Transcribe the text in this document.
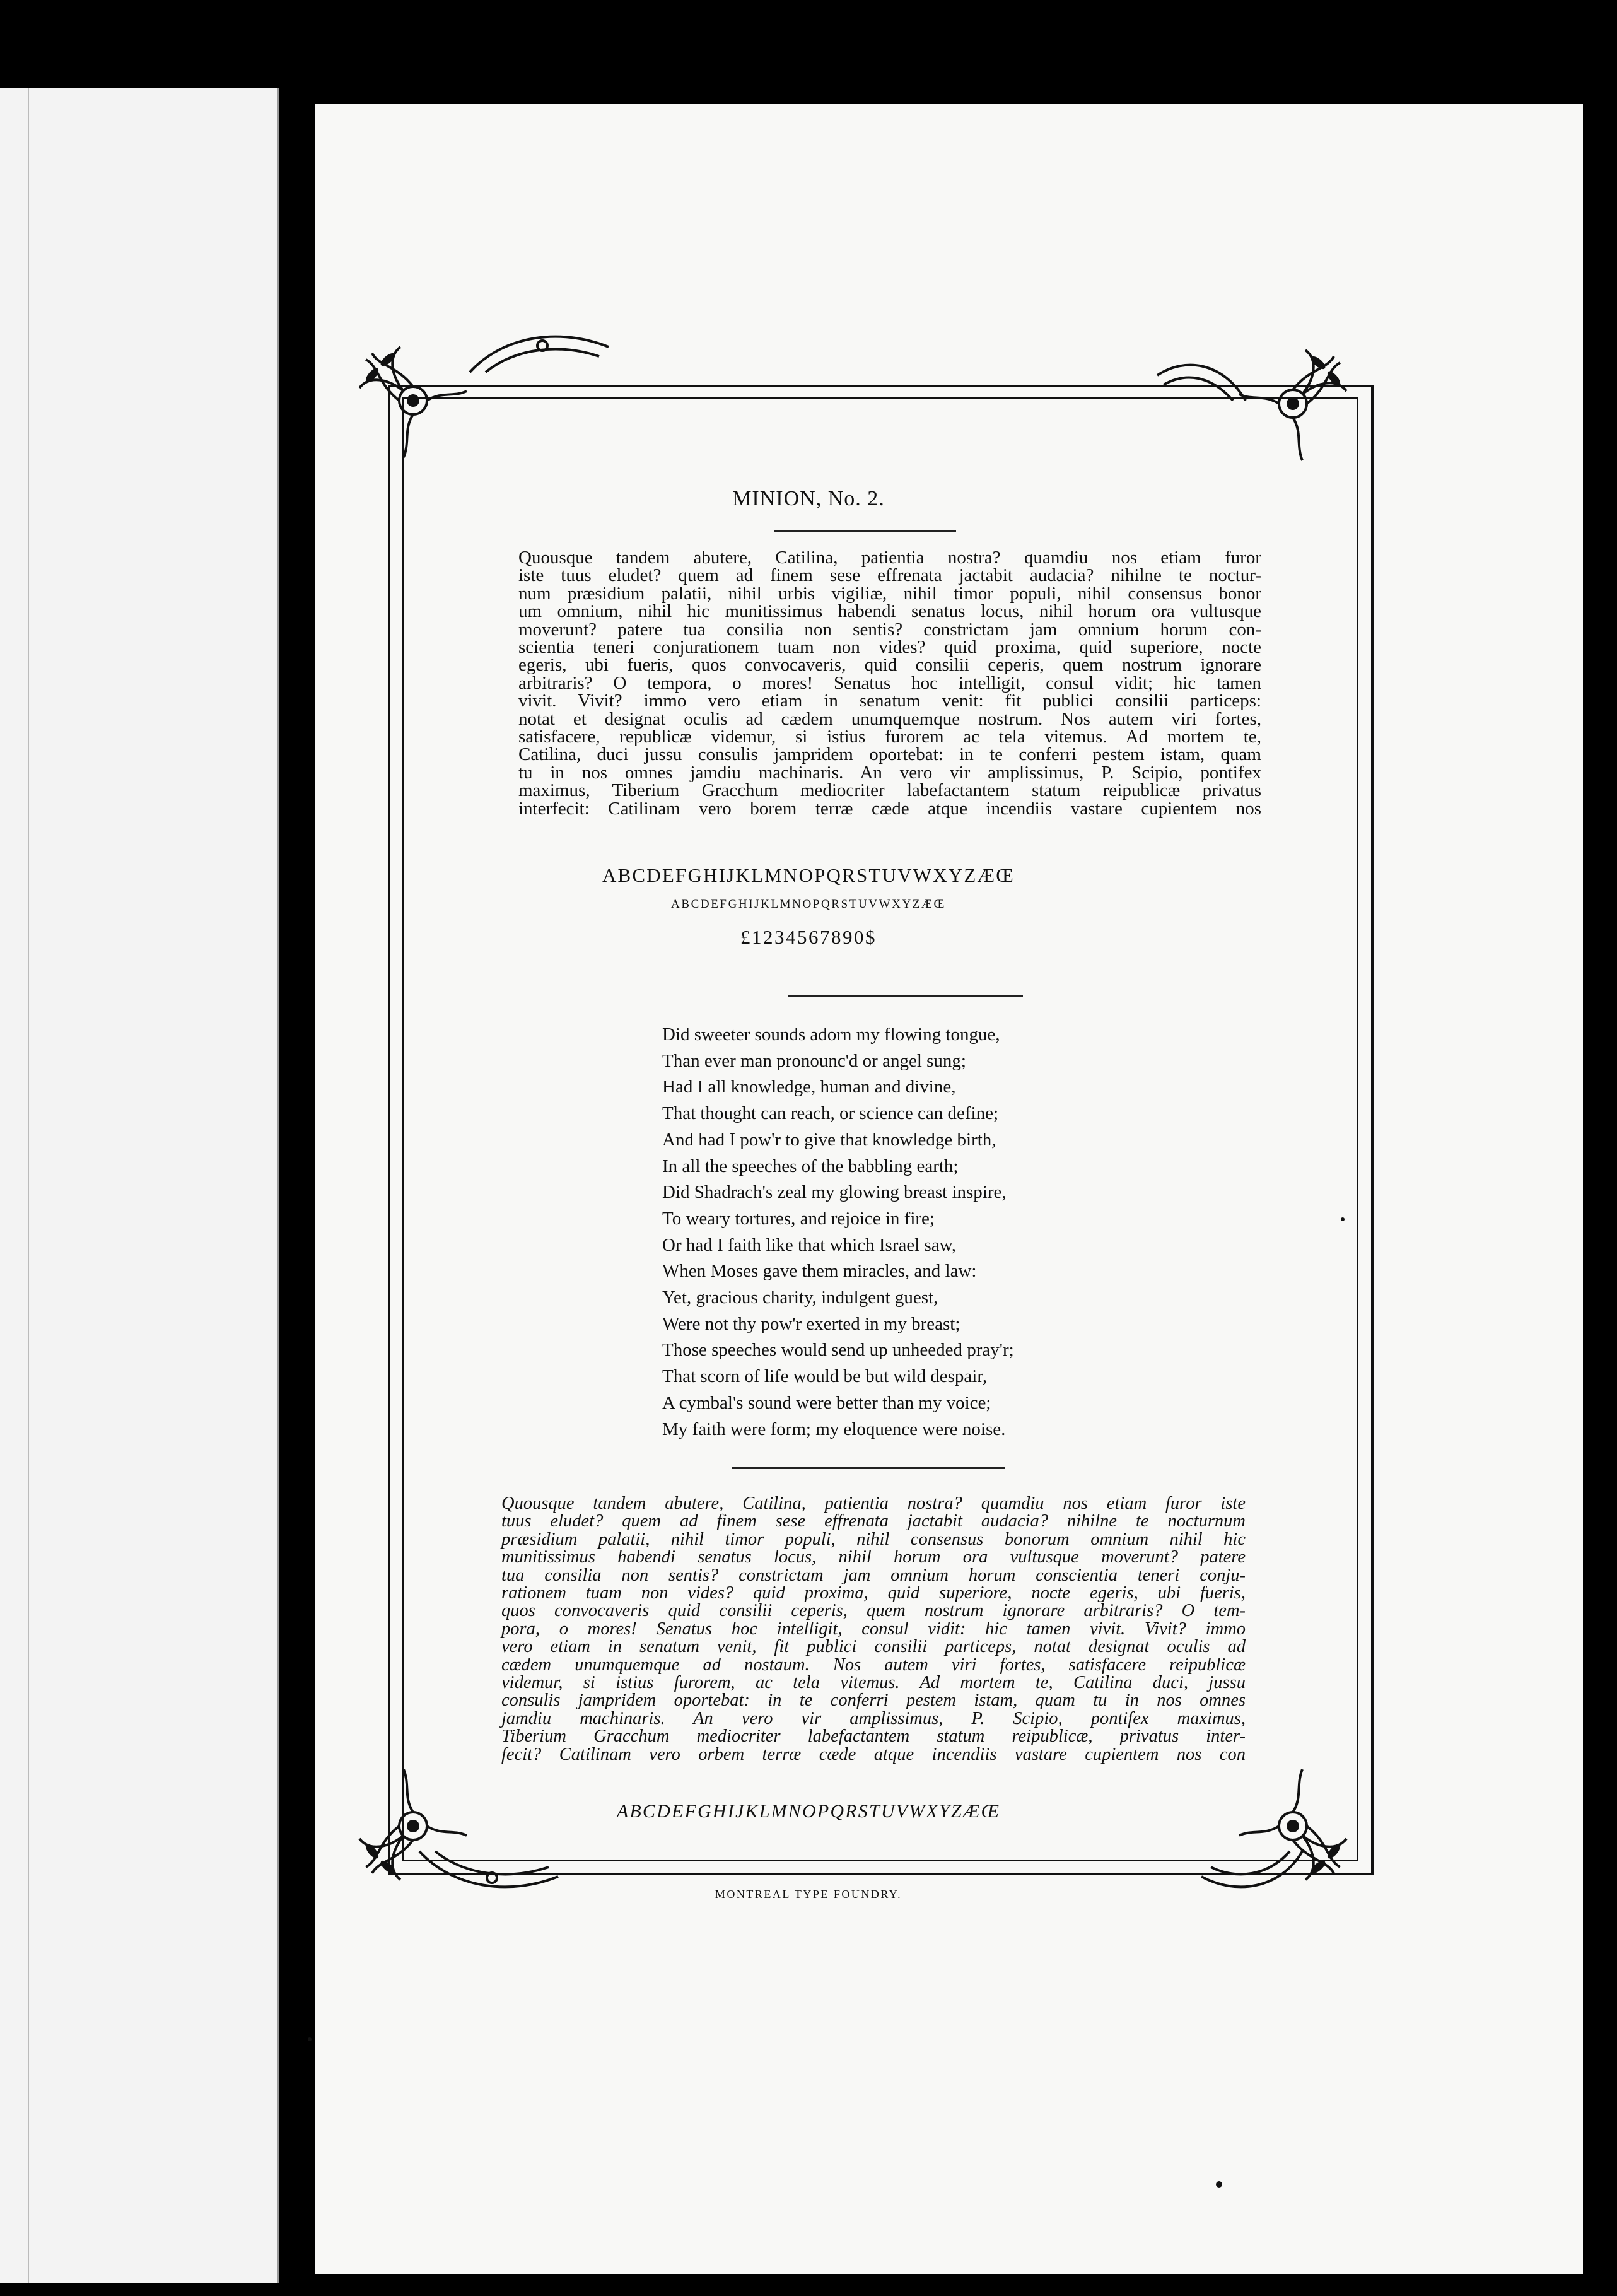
MINION, No. 2.

Quousque tandem abutere, Catilina, patientia nostra? quamdiu nos etiam furor
iste tuus eludet? quem ad finem sese effrenata jactabit audacia? nihilne te noctur-
num præsidium palatii, nihil urbis vigiliæ, nihil timor populi, nihil consensus bonor
um omnium, nihil hic munitissimus habendi senatus locus, nihil horum ora vultusque
moverunt? patere tua consilia non sentis? constrictam jam omnium horum con-
scientia teneri conjurationem tuam non vides? quid proxima, quid superiore, nocte
egeris, ubi fueris, quos convocaveris, quid consilii ceperis, quem nostrum ignorare
arbitraris? O tempora, o mores! Senatus hoc intelligit, consul vidit; hic tamen
vivit. Vivit? immo vero etiam in senatum venit: fit publici consilii particeps:
notat et designat oculis ad cædem unumquemque nostrum. Nos autem viri fortes,
satisfacere, republicæ videmur, si istius furorem ac tela vitemus. Ad mortem te,
Catilina, duci jussu consulis jampridem oportebat: in te conferri pestem istam, quam
tu in nos omnes jamdiu machinaris. An vero vir amplissimus, P. Scipio, pontifex
maximus, Tiberium Gracchum mediocriter labefactantem statum reipublicæ privatus
interfecit: Catilinam vero borem terræ cæde atque incendiis vastare cupientem nos

ABCDEFGHIJKLMNOPQRSTUVWXYZÆŒ
ABCDEFGHIJKLMNOPQRSTUVWXYZÆŒ
£1234567890$
Did sweeter sounds adorn my flowing tongue,
Than ever man pronounc'd or angel sung;
Had I all knowledge, human and divine,
That thought can reach, or science can define;
And had I pow'r to give that knowledge birth,
In all the speeches of the babbling earth;
Did Shadrach's zeal my glowing breast inspire,
To weary tortures, and rejoice in fire;
Or had I faith like that which Israel saw,
When Moses gave them miracles, and law:
Yet, gracious charity, indulgent guest,
Were not thy pow'r exerted in my breast;
Those speeches would send up unheeded pray'r;
That scorn of life would be but wild despair,
A cymbal's sound were better than my voice;
My faith were form; my eloquence were noise.

Quousque tandem abutere, Catilina, patientia nostra? quamdiu nos etiam furor iste
tuus eludet? quem ad finem sese effrenata jactabit audacia? nihilne te nocturnum
præsidium palatii, nihil timor populi, nihil consensus bonorum omnium nihil hic
munitissimus habendi senatus locus, nihil horum ora vultusque moverunt? patere
tua consilia non sentis? constrictam jam omnium horum conscientia teneri conju-
rationem tuam non vides? quid proxima, quid superiore, nocte egeris, ubi fueris,
quos convocaveris quid consilii ceperis, quem nostrum ignorare arbitraris? O tem-
pora, o mores! Senatus hoc intelligit, consul vidit: hic tamen vivit. Vivit? immo
vero etiam in senatum venit, fit publici consilii particeps, notat designat oculis ad
cædem unumquemque ad nostaum. Nos autem viri fortes, satisfacere reipublicæ
videmur, si istius furorem, ac tela vitemus. Ad mortem te, Catilina duci, jussu
consulis jampridem oportebat: in te conferri pestem istam, quam tu in nos omnes
jamdiu machinaris. An vero vir amplissimus, P. Scipio, pontifex maximus,
Tiberium Gracchum mediocriter labefactantem statum reipublicæ, privatus inter-
fecit? Catilinam vero orbem terræ cæde atque incendiis vastare cupientem nos con

ABCDEFGHIJKLMNOPQRSTUVWXYZÆŒ
MONTREAL TYPE FOUNDRY.
